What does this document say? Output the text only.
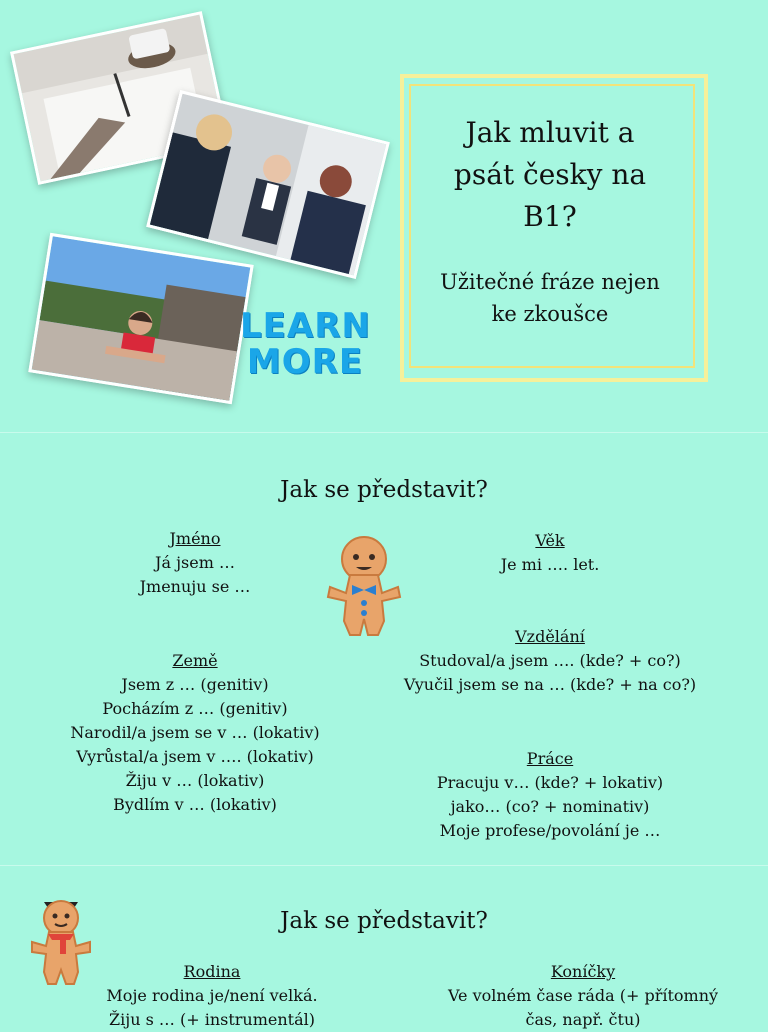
LEARN
MORE
Jak mluvit a
psát česky na
B1?
Užitečné fráze nejen
ke zkoušce
Jak se představit?
Jméno
Já jsem …
Jmenuju se …
Věk
Je mi …. let.
Vzdělání
Studoval/a jsem …. (kde? + co?)
Vyučil jsem se na … (kde? + na co?)
Země
Jsem z … (genitiv)
Pocházím z … (genitiv)
Narodil/a jsem se v … (lokativ)
Vyrůstal/a jsem v …. (lokativ)
Žiju v … (lokativ)
Bydlím v … (lokativ)
Práce
Pracuju v… (kde? + lokativ)
jako… (co? + nominativ)
Moje profese/povolání je …
Jak se představit?
Rodina
Moje rodina je/není velká.
Žiju s … (+ instrumentál)
Koníčky
Ve volném čase ráda (+ přítomný
čas, např. čtu)
